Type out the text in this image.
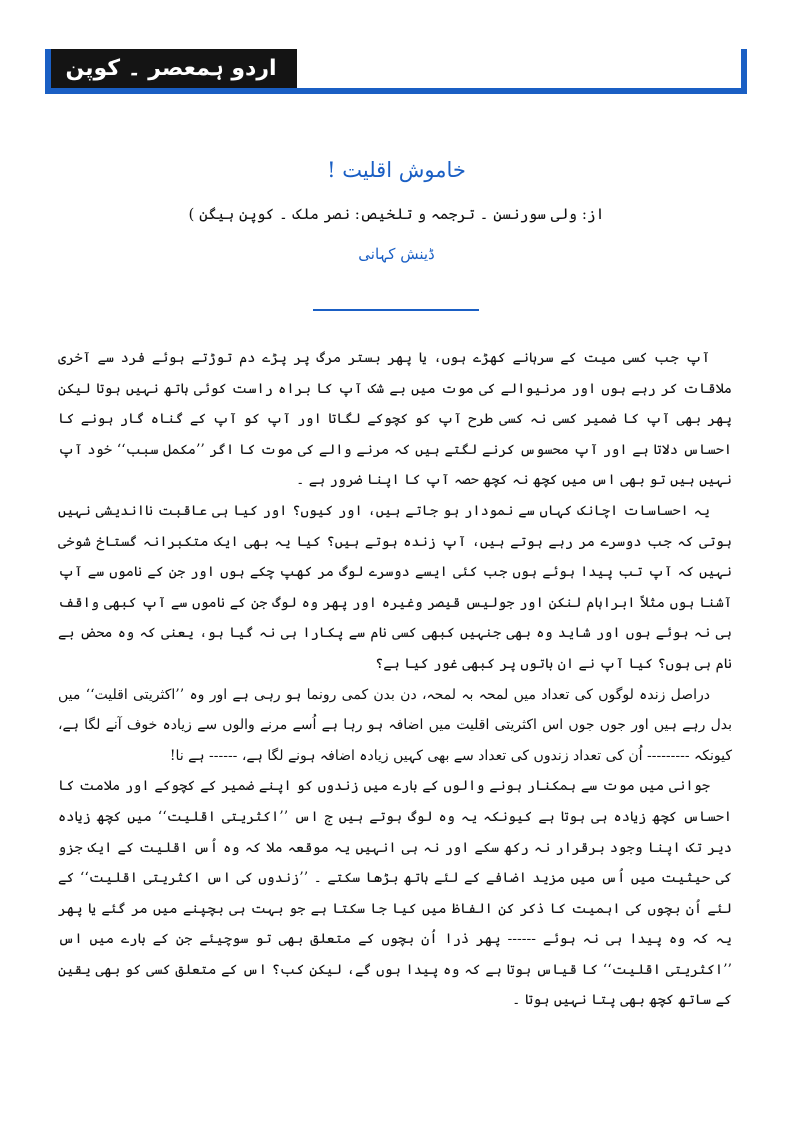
اردو ہمعصر ۔ کوپن ہیگن
خاموش اقلیت !
از: ولی سورنسن ۔ ترجمہ و تلخیص: نصر ملک ۔ کوپن ہیگن )
ڈینش کہانی

آپ جب کسی میت کے سرہانے کھڑے ہوں، یا پھر بستر مرگ پر پڑے دم توڑتے ہوئے فرد سے آخری ملاقات کر رہے ہوں اور مرنیوالے کی موت میں بے شک آپ کا براہ راست کوئی ہاتھ نہیں ہوتا لیکن پھر بھی آپ کا ضمیر کسی نہ کسی طرح آپ کو کچوکے لگاتا اور آپ کو آپ کے گناہ گار ہونے کا احساس دلاتا ہے اور آپ محسوس کرنے لگتے ہیں کہ مرنے والے کی موت کا اگر ’’مکمل سبب‘‘ خود آپ نہیں ہیں تو بھی اس میں کچھ نہ کچھ حصہ آپ کا اپنا ضرور ہے ۔

یہ احساسات اچانک کہاں سے نمودار ہو جاتے ہیں، اور کیوں؟ اور کیا ہی عاقبت نااندیشی نہیں ہوتی کہ جب دوسرے مر رہے ہوتے ہیں، آپ زندہ ہوتے ہیں؟ کیا یہ بھی ایک متکبرانہ گستاخ شوخی نہیں کہ آپ تب پیدا ہوئے ہوں جب کئی ایسے دوسرے لوگ مر کھپ چکے ہوں اور جن کے ناموں سے آپ آشنا ہوں مثلاً ابراہام لنکن اور جولیس قیصر وغیرہ اور پھر وہ لوگ جن کے ناموں سے آپ کبھی واقف ہی نہ ہوئے ہوں اور شاید وہ بھی جنہیں کبھی کسی نام سے پکارا ہی نہ گیا ہو، یعنی کہ وہ محض بے نام ہی ہوں؟ کیا آپ نے ان باتوں پر کبھی غور کیا ہے؟

دراصل زندہ لوگوں کی تعداد میں لمحہ بہ لمحہ، دن بدن کمی رونما ہو رہی ہے اور وہ ’’اکثریتی اقلیت‘‘ میں بدل رہے ہیں اور جوں جوں اس اکثریتی اقلیت میں اضافہ ہو رہا ہے اُسے مرنے والوں سے زیادہ خوف آنے لگا ہے، کیونکہ --------- اُن کی تعداد زندوں کی تعداد سے بھی کہیں زیادہ اضافہ ہونے لگا ہے، ------ ہے نا!

جوانی میں موت سے ہمکنار ہونے والوں کے بارے میں زندوں کو اپنے ضمیر کے کچوکے اور ملامت کا احساس کچھ زیادہ ہی ہوتا ہے کیونکہ یہ وہ لوگ ہوتے ہیں ج اس ’’اکثریتی اقلیت‘‘ میں کچھ زیادہ دیر تک اپنا وجود برقرار نہ رکھ سکے اور نہ ہی انہیں یہ موقعہ ملا کہ وہ اُس اقلیت کے ایک جزو کی حیثیت میں اُس میں مزید اضافے کے لئے ہاتھ بڑھا سکتے ۔ ’’زندوں کی اس اکثریتی اقلیت‘‘ کے لئے اُن بچوں کی اہمیت کا ذکر کن الفاظ میں کیا جا سکتا ہے جو بہت ہی بچپنے میں مر گئے یا پھر یہ کہ وہ پیدا ہی نہ ہوئے ------ پھر ذرا اُن بچوں کے متعلق بھی تو سوچیئے جن کے بارے میں اس ’’اکثریتی اقلیت‘‘ کا قیاس ہوتا ہے کہ وہ پیدا ہوں گے، لیکن کب؟ اس کے متعلق کسی کو بھی یقین کے ساتھ کچھ بھی پتا نہیں ہوتا ۔
